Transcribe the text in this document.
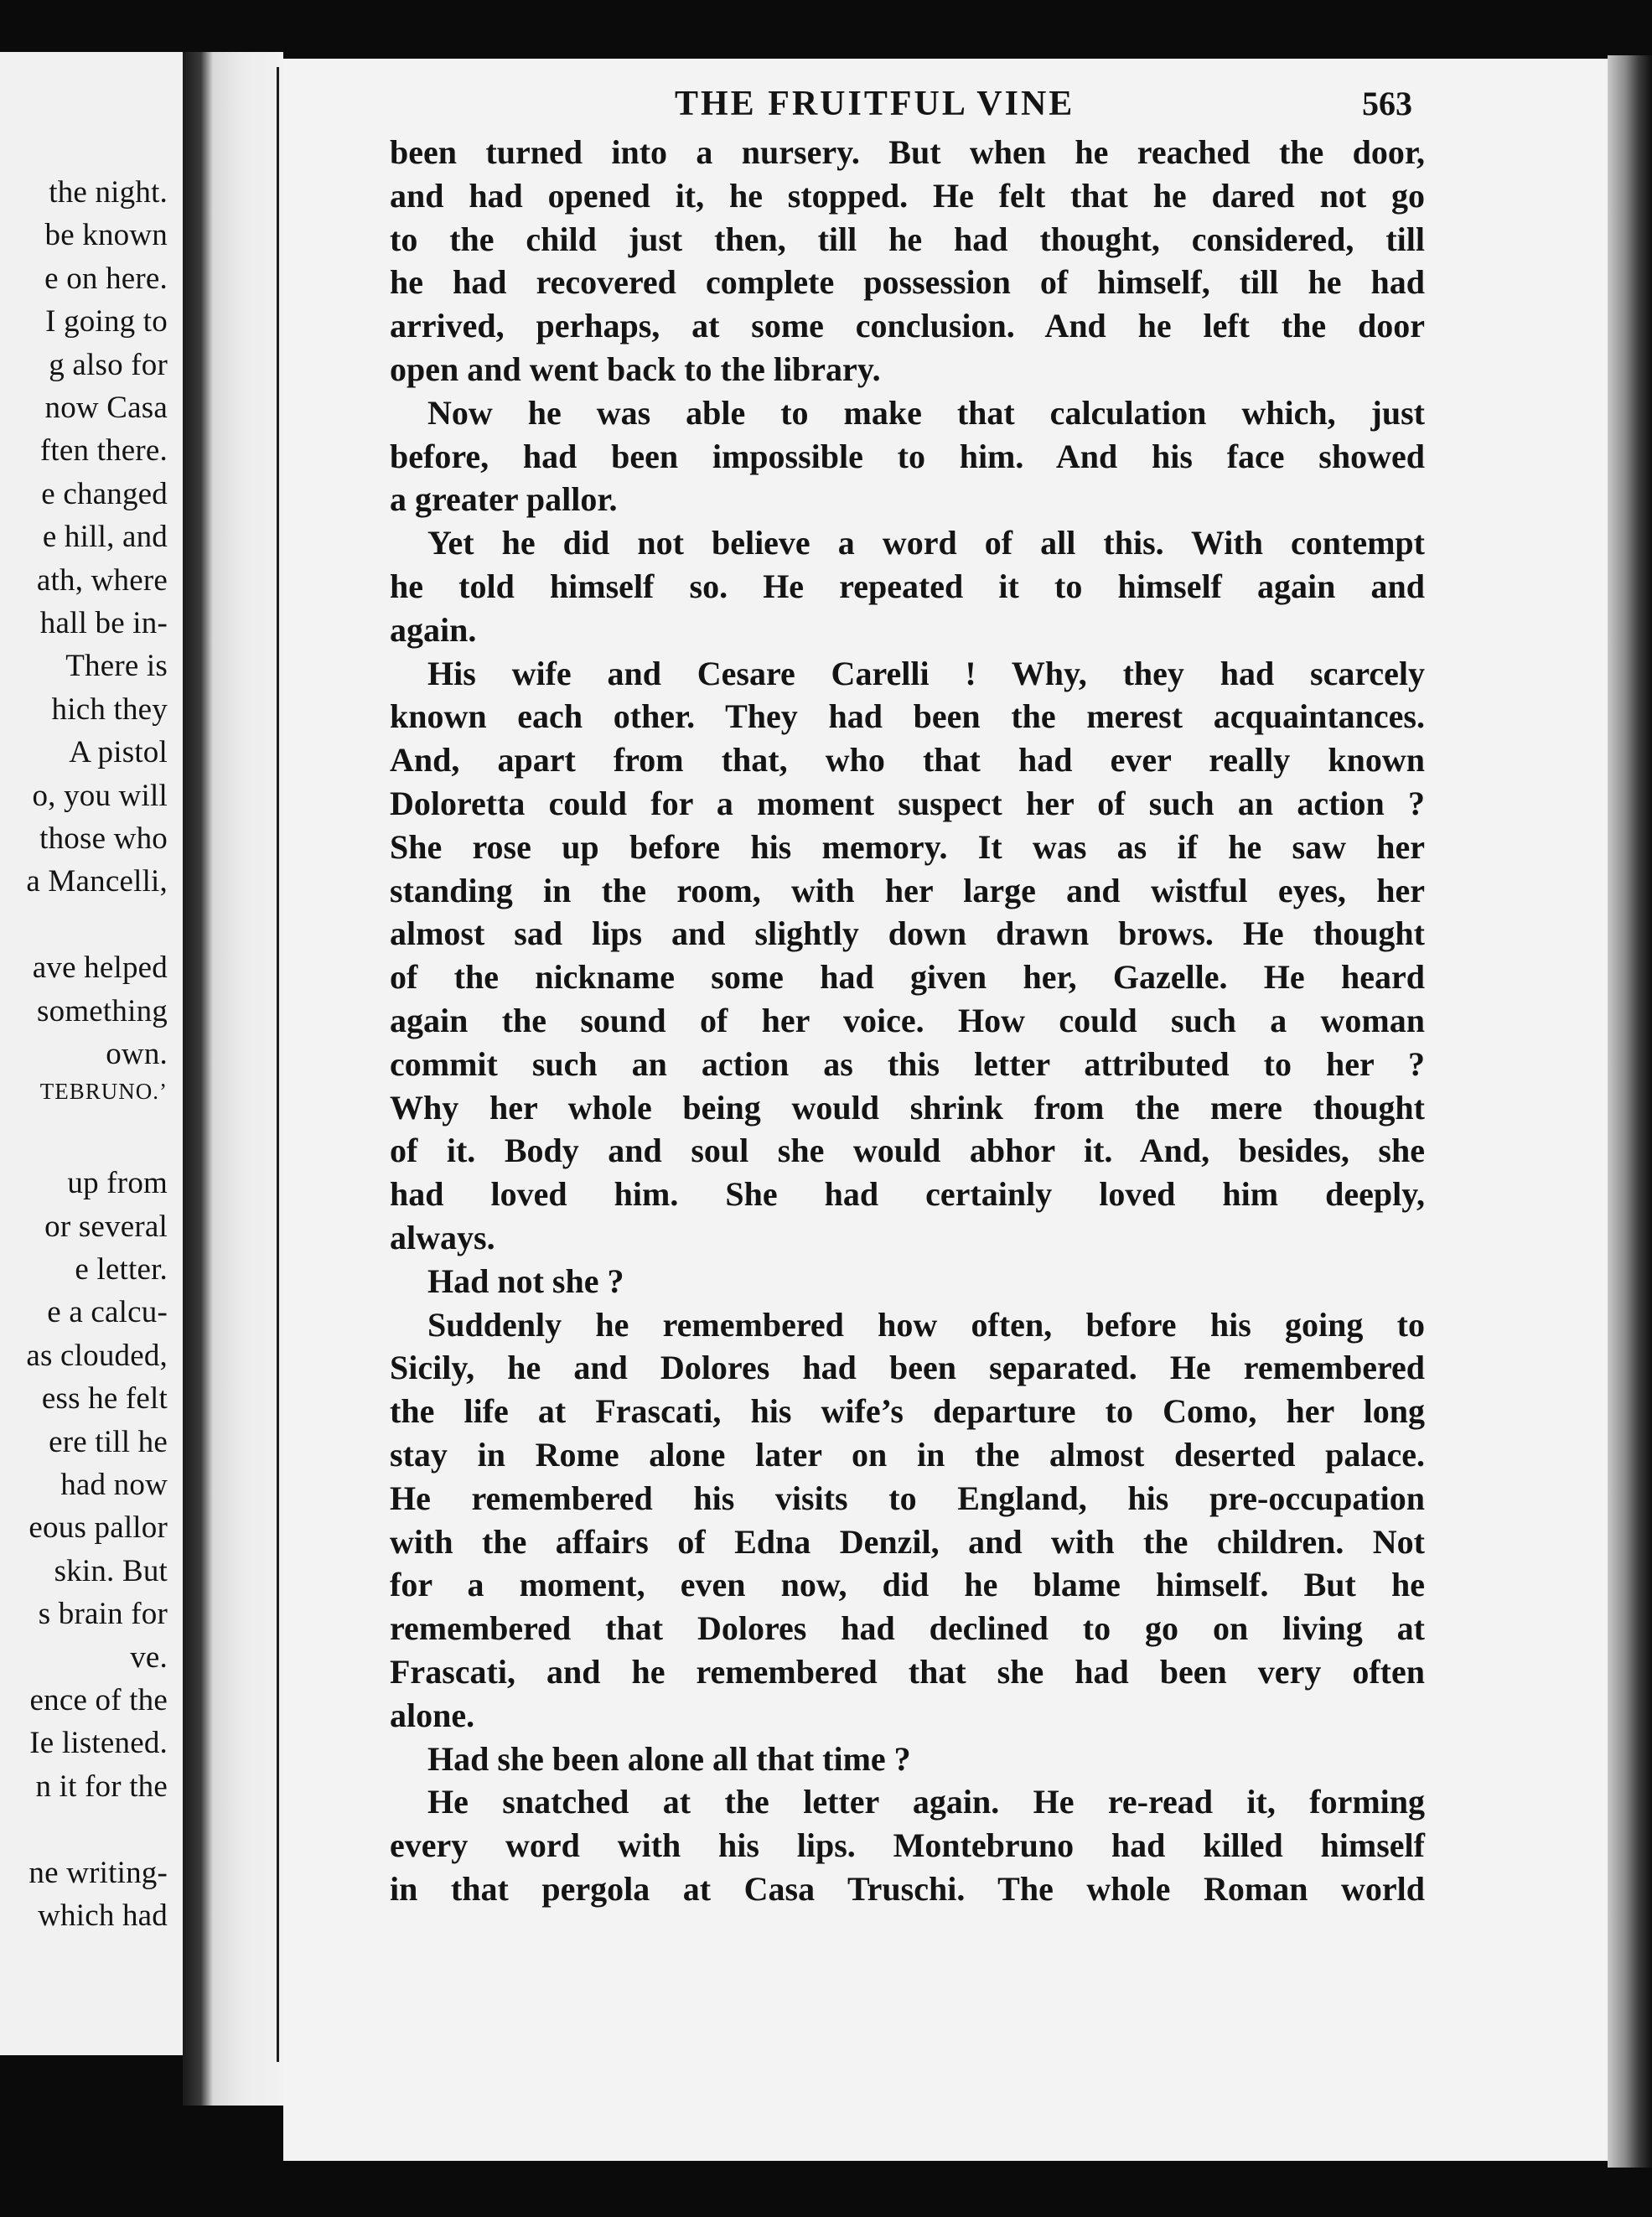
the night.
be known
e on here.
I going to
g also for
now Casa
ften there.
e changed
e hill, and
ath, where
hall be in-
There is
hich they
A pistol
o, you will
those who
a Mancelli,
ave helped
something
own.
TEBRUNO.’
up from
or several
e letter.
e a calcu-
as clouded,
ess he felt
ere till he
had now
eous pallor
skin. But
s brain for
ve.
ence of the
Ie listened.
n it for the
ne writing-
which had
THE FRUITFUL VINE	563
been turned into a nursery. But when he reached the door,
and had opened it, he stopped. He felt that he dared not go
to the child just then, till he had thought, considered, till
he had recovered complete possession of himself, till he had
arrived, perhaps, at some conclusion. And he left the door
open and went back to the library.
Now he was able to make that calculation which, just
before, had been impossible to him. And his face showed
a greater pallor.
Yet he did not believe a word of all this. With contempt
he told himself so. He repeated it to himself again and
again.
His wife and Cesare Carelli ! Why, they had scarcely
known each other. They had been the merest acquaintances.
And, apart from that, who that had ever really known
Doloretta could for a moment suspect her of such an action ?
She rose up before his memory. It was as if he saw her
standing in the room, with her large and wistful eyes, her
almost sad lips and slightly down drawn brows. He thought
of the nickname some had given her, Gazelle. He heard
again the sound of her voice. How could such a woman
commit such an action as this letter attributed to her ?
Why her whole being would shrink from the mere thought
of it. Body and soul she would abhor it. And, besides, she
had loved him. She had certainly loved him deeply,
always.
Had not she ?
Suddenly he remembered how often, before his going to
Sicily, he and Dolores had been separated. He remembered
the life at Frascati, his wife’s departure to Como, her long
stay in Rome alone later on in the almost deserted palace.
He remembered his visits to England, his pre-occupation
with the affairs of Edna Denzil, and with the children. Not
for a moment, even now, did he blame himself. But he
remembered that Dolores had declined to go on living at
Frascati, and he remembered that she had been very often
alone.
Had she been alone all that time ?
He snatched at the letter again. He re-read it, forming
every word with his lips. Montebruno had killed himself
in that pergola at Casa Truschi. The whole Roman world
